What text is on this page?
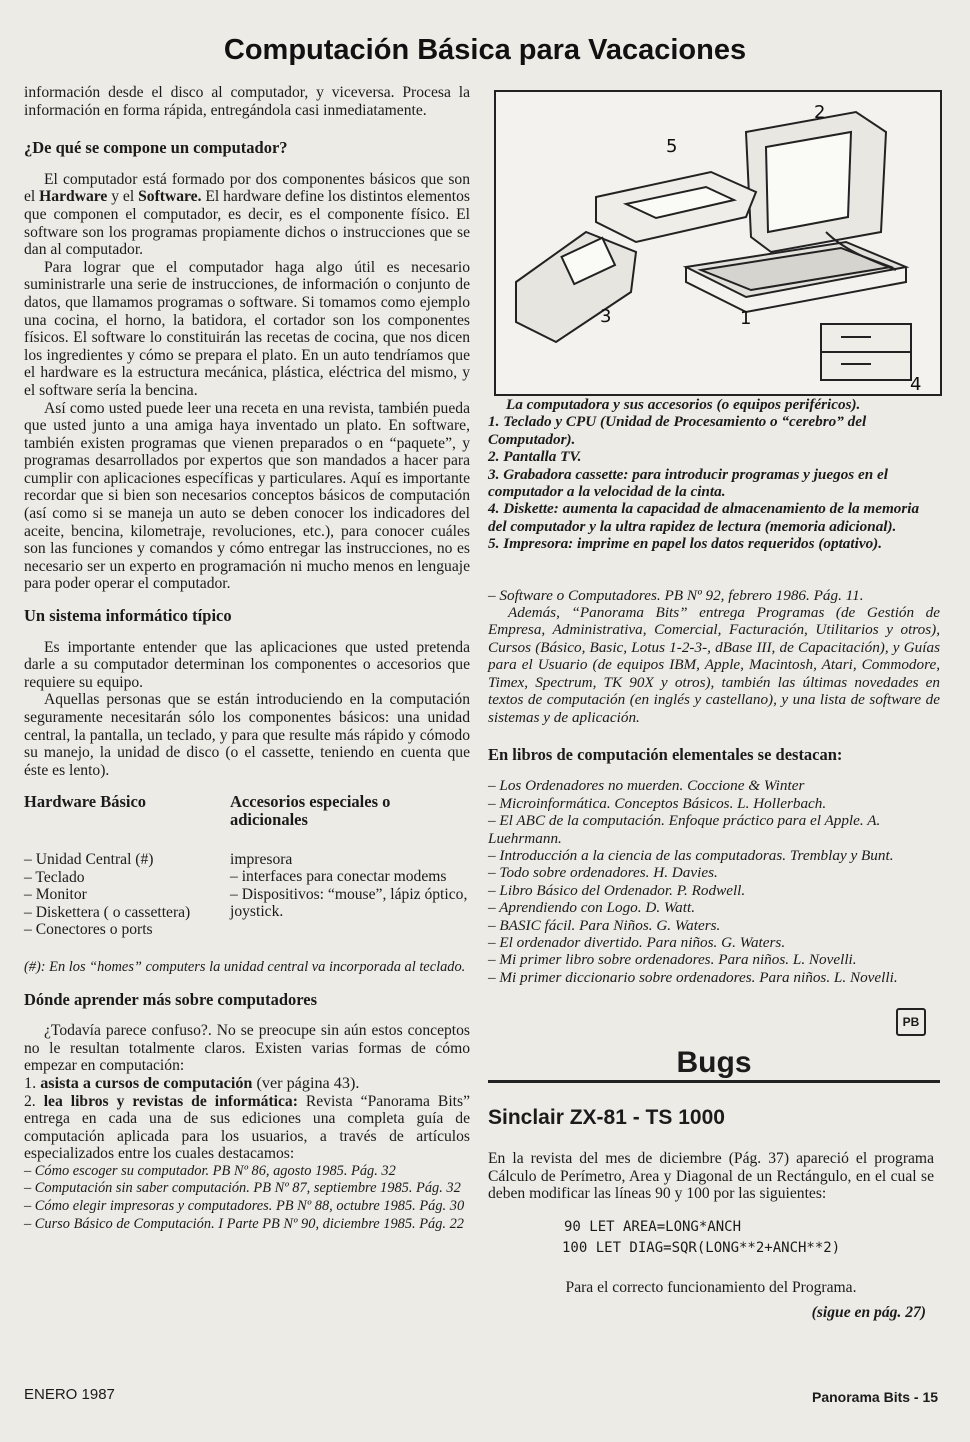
Computación Básica para Vacaciones

información desde el disco al computador, y viceversa. Procesa la información en forma rápida, entregándola casi inmediatamente.

¿De qué se compone un computador?

El computador está formado por dos componentes básicos que son el Hardware y el Software. El hardware define los distintos elementos que componen el computador, es decir, es el componente físico. El software son los programas propiamente dichos o instrucciones que se dan al computador.

Para lograr que el computador haga algo útil es necesario suministrarle una serie de instrucciones, de información o conjunto de datos, que llamamos programas o software. Si tomamos como ejemplo una cocina, el horno, la batidora, el cortador son los componentes físicos. El software lo constituirán las recetas de cocina, que nos dicen los ingredientes y cómo se prepara el plato. En un auto tendríamos que el hardware es la estructura mecánica, plástica, eléctrica del mismo, y el software sería la bencina.

Así como usted puede leer una receta en una revista, también pueda que usted junto a una amiga haya inventado un plato. En software, también existen programas que vienen preparados o en “paquete”, y programas desarrollados por expertos que son mandados a hacer para cumplir con aplicaciones específicas y particulares. Aquí es importante recordar que si bien son necesarios conceptos básicos de computación (así como si se maneja un auto se deben conocer los indicadores del aceite, bencina, kilometraje, revoluciones, etc.), para conocer cuáles son las funciones y comandos y cómo entregar las instrucciones, no es necesario ser un experto en programación ni mucho menos en lenguaje para poder operar el computador.

Un sistema informático típico

Es importante entender que las aplicaciones que usted pretenda darle a su computador determinan los componentes o accesorios que requiere su equipo.

Aquellas personas que se están introduciendo en la computación seguramente necesitarán sólo los componentes básicos: una unidad central, la pantalla, un teclado, y para que resulte más rápido y cómodo su manejo, la unidad de disco (o el cassette, teniendo en cuenta que éste es lento).

Hardware Básico
– Unidad Central (#)
– Teclado
– Monitor
– Diskettera ( o cassettera)
– Conectores o ports
Accesorios especiales o adicionales
impresora
– interfaces para conectar modems
– Dispositivos: “mouse”, lápiz óptico, joystick.

(#): En los “homes” computers la unidad central va incorporada al teclado.

Dónde aprender más sobre computadores

¿Todavía parece confuso?. No se preocupe sin aún estos conceptos no le resultan totalmente claros. Existen varias formas de cómo empezar en computación:

1. asista a cursos de computación (ver página 43).

2. lea libros y revistas de informática: Revista “Panorama Bits” entrega en cada una de sus ediciones una completa guía de computación aplicada para los usuarios, a través de artículos especializados entre los cuales destacamos:

– Cómo escoger su computador. PB Nº 86, agosto 1985. Pág. 32
– Computación sin saber computación. PB Nº 87, septiembre 1985. Pág. 32
– Cómo elegir impresoras y computadores. PB Nº 88, octubre 1985. Pág. 30
– Curso Básico de Computación. I Parte PB Nº 90, diciembre 1985. Pág. 22
1
2
3
4
5

La computadora y sus accesorios (o equipos periféricos).

1. Teclado y CPU (Unidad de Procesamiento o “cerebro” del Computador).
2. Pantalla TV.
3. Grabadora cassette: para introducir programas y juegos en el computador a la velocidad de la cinta.
4. Diskette: aumenta la capacidad de almacenamiento de la memoria del computador y la ultra rapidez de lectura (memoria adicional).
5. Impresora: imprime en papel los datos requeridos (optativo).

– Software o Computadores. PB Nº 92, febrero 1986. Pág. 11.

Además, “Panorama Bits” entrega Programas (de Gestión de Empresa, Administrativa, Comercial, Facturación, Utilitarios y otros), Cursos (Básico, Basic, Lotus 1-2-3-, dBase III, de Capacitación), y Guías para el Usuario (de equipos IBM, Apple, Macintosh, Atari, Commodore, Timex, Spectrum, TK 90X y otros), también las últimas novedades en textos de computación (en inglés y castellano), y una lista de software de sistemas y de aplicación.

En libros de computación elementales se destacan:
– Los Ordenadores no muerden. Coccione & Winter
– Microinformática. Conceptos Básicos. L. Hollerbach.
– El ABC de la computación. Enfoque práctico para el Apple. A. Luehrmann.
– Introducción a la ciencia de las computadoras. Tremblay y Bunt.
– Todo sobre ordenadores. H. Davies.
– Libro Básico del Ordenador. P. Rodwell.
– Aprendiendo con Logo. D. Watt.
– BASIC fácil. Para Niños. G. Waters.
– El ordenador divertido. Para niños. G. Waters.
– Mi primer libro sobre ordenadores. Para niños. L. Novelli.
– Mi primer diccionario sobre ordenadores. Para niños. L. Novelli.
PB
Bugs
Sinclair ZX-81 - TS 1000

En la revista del mes de diciembre (Pág. 37) apareció el programa Cálculo de Perímetro, Area y Diagonal de un Rectángulo, en el cual se deben modificar las líneas 90 y 100 por las siguientes:

90 LET AREA=LONG*ANCH
100 LET DIAG=SQR(LONG**2+ANCH**2)

Para el correcto funcionamiento del Programa.

(sigue en pág. 27)

ENERO 1987	Panorama Bits - 15
